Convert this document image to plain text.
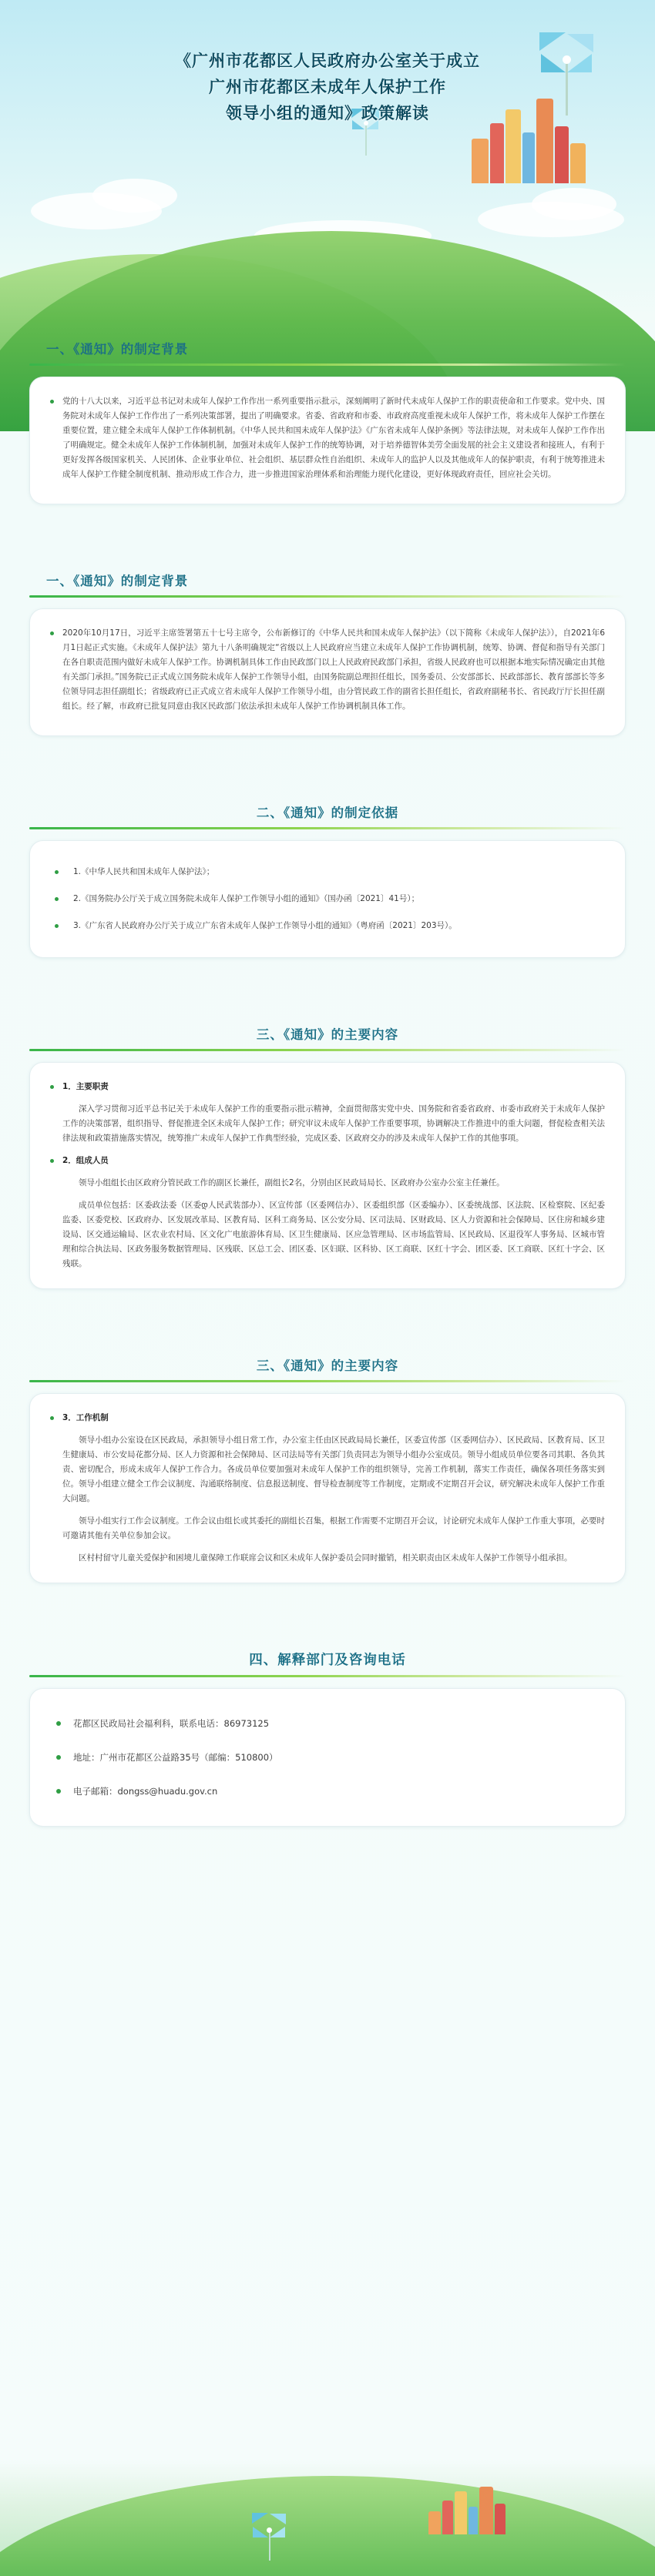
《广州市花都区人民政府办公室关于成立
广州市花都区未成年人保护工作
领导小组的通知》政策解读
一、《通知》的制定背景

党的十八大以来，习近平总书记对未成年人保护工作作出一系列重要指示批示，深刻阐明了新时代未成年人保护工作的职责使命和工作要求。党中央、国务院对未成年人保护工作作出了一系列决策部署，提出了明确要求。省委、省政府和市委、市政府高度重视未成年人保护工作，将未成年人保护工作摆在重要位置，建立健全未成年人保护工作体制机制。《中华人民共和国未成年人保护法》《广东省未成年人保护条例》等法律法规，对未成年人保护工作作出了明确规定。健全未成年人保护工作体制机制，加强对未成年人保护工作的统筹协调，对于培养德智体美劳全面发展的社会主义建设者和接班人，有利于更好发挥各级国家机关、人民团体、企业事业单位、社会组织、基层群众性自治组织、未成年人的监护人以及其他成年人的保护职责，有利于统筹推进未成年人保护工作健全制度机制、推动形成工作合力，进一步推进国家治理体系和治理能力现代化建设，更好体现政府责任，回应社会关切。

一、《通知》的制定背景

2020年10月17日，习近平主席签署第五十七号主席令，公布新修订的《中华人民共和国未成年人保护法》（以下简称《未成年人保护法》），自2021年6月1日起正式实施。《未成年人保护法》第九十八条明确规定“省级以上人民政府应当建立未成年人保护工作协调机制，统筹、协调、督促和指导有关部门在各自职责范围内做好未成年人保护工作。协调机制具体工作由民政部门以上人民政府民政部门承担，省级人民政府也可以根据本地实际情况确定由其他有关部门承担。”国务院已正式成立国务院未成年人保护工作领导小组，由国务院副总理担任组长，国务委员、公安部部长、民政部部长、教育部部长等多位领导同志担任副组长；省级政府已正式成立省未成年人保护工作领导小组，由分管民政工作的副省长担任组长，省政府副秘书长、省民政厅厅长担任副组长。经了解，市政府已批复同意由我区民政部门依法承担未成年人保护工作协调机制具体工作。

二、《通知》的制定依据

1.《中华人民共和国未成年人保护法》；

2.《国务院办公厅关于成立国务院未成年人保护工作领导小组的通知》（国办函〔2021〕41号）；

3.《广东省人民政府办公厅关于成立广东省未成年人保护工作领导小组的通知》（粤府函〔2021〕203号）。

三、《通知》的主要内容

1．主要职责

深入学习贯彻习近平总书记关于未成年人保护工作的重要指示批示精神，全面贯彻落实党中央、国务院和省委省政府、市委市政府关于未成年人保护工作的决策部署，组织指导、督促推进全区未成年人保护工作；研究审议未成年人保护工作重要事项，协调解决工作推进中的重大问题，督促检查相关法律法规和政策措施落实情况，统筹推广未成年人保护工作典型经验，完成区委、区政府交办的涉及未成年人保护工作的其他事项。

2．组成人员

领导小组组长由区政府分管民政工作的副区长兼任，副组长2名，分别由区民政局局长、区政府办公室办公室主任兼任。

成员单位包括：区委政法委（区委დ人民武装部办）、区宣传部（区委网信办）、区委组织部（区委编办）、区委统战部、区法院、区检察院、区纪委监委、区委党校、区政府办、区发展改革局、区教育局、区科工商务局、区公安分局、区司法局、区财政局、区人力资源和社会保障局、区住房和城乡建设局、区交通运输局、区农业农村局、区文化广电旅游体育局、区卫生健康局、区应急管理局、区市场监管局、区民政局、区退役军人事务局、区城市管理和综合执法局、区政务服务数据管理局、区残联、区总工会、团区委、区妇联、区科协、区工商联、区红十字会、团区委、区工商联、区红十字会、区残联。

三、《通知》的主要内容

3．工作机制

领导小组办公室设在区民政局，承担领导小组日常工作，办公室主任由区民政局局长兼任，区委宣传部（区委网信办）、区民政局、区教育局、区卫生健康局、市公安局花都分局、区人力资源和社会保障局、区司法局等有关部门负责同志为领导小组办公室成员。领导小组成员单位要各司其职、各负其责、密切配合，形成未成年人保护工作合力。各成员单位要加强对未成年人保护工作的组织领导，完善工作机制，落实工作责任，确保各项任务落实到位。领导小组建立健全工作会议制度、沟通联络制度、信息报送制度、督导检查制度等工作制度，定期或不定期召开会议，研究解决未成年人保护工作重大问题。

领导小组实行工作会议制度。工作会议由组长或其委托的副组长召集，根据工作需要不定期召开会议，讨论研究未成年人保护工作重大事项，必要时可邀请其他有关单位参加会议。

区村村留守儿童关爱保护和困境儿童保障工作联席会议和区未成年人保护委员会同时撤销，相关职责由区未成年人保护工作领导小组承担。

四、解释部门及咨询电话

花都区民政局社会福利科，联系电话：86973125

地址：广州市花都区公益路35号（邮编：510800）

电子邮箱：dongss@huadu.gov.cn
